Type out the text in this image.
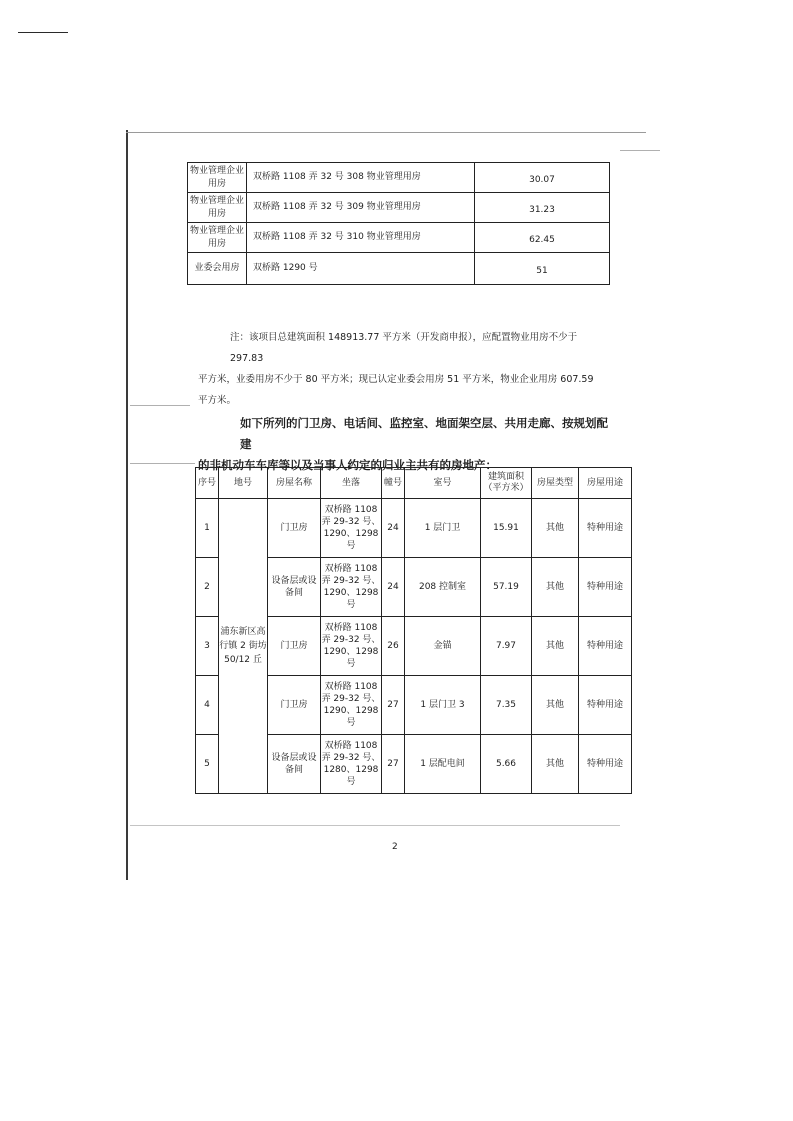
物业管理企业用房	双桥路 1108 弄 32 号 308 物业管理用房	30.07
物业管理企业用房	双桥路 1108 弄 32 号 309 物业管理用房	31.23
物业管理企业用房	双桥路 1108 弄 32 号 310 物业管理用房	62.45
业委会用房	双桥路 1290 号	51
注：该项目总建筑面积 148913.77 平方米（开发商申报），应配置物业用房不少于 297.83
平方米，业委用房不少于 80 平方米；现已认定业委会用房 51 平方米，物业企业用房 607.59
平方米。
如下所列的门卫房、电话间、监控室、地面架空层、共用走廊、按规划配建
的非机动车车库等以及当事人约定的归业主共有的房地产：
序号	地号	房屋名称	坐落	幢号	室号	建筑面积（平方米）	房屋类型	房屋用途
1	浦东新区高行镇 2 街坊 50/12 丘	门卫房	双桥路 1108 弄 29-32 号、1290、1298 号	24	1 层门卫	15.91	其他	特种用途
2		设备层或设备间	双桥路 1108 弄 29-32 号、1290、1298 号	24	208 控制室	57.19	其他	特种用途
3		门卫房	双桥路 1108 弄 29-32 号、1290、1298 号	26	金锚	7.97	其他	特种用途
4		门卫房	双桥路 1108 弄 29-32 号、1290、1298 号	27	1 层门卫 3	7.35	其他	特种用途
5		设备层或设备间	双桥路 1108 弄 29-32 号、1280、1298 号	27	1 层配电间	5.66	其他	特种用途
2
